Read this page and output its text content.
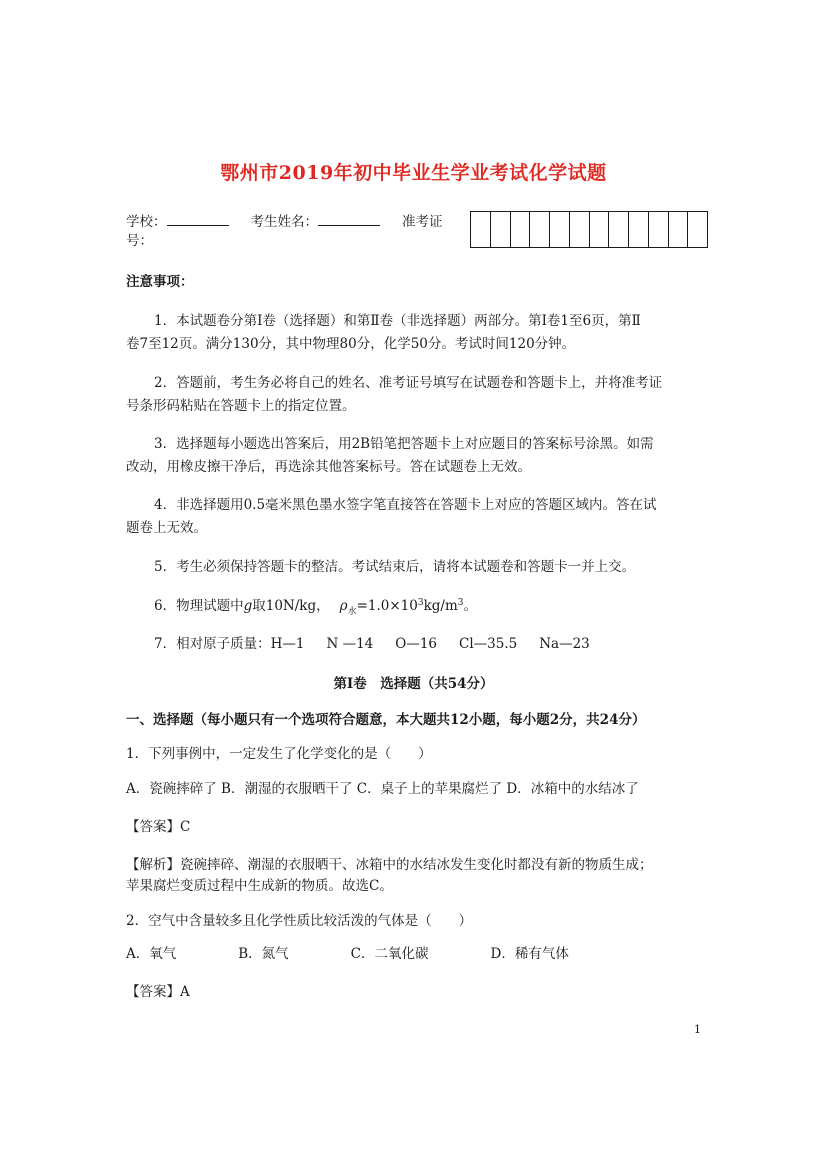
鄂州市2019年初中毕业生学业考试化学试题
学校：	考生姓名：	准考证
号：
注意事项：
1．本试题卷分第Ⅰ卷（选择题）和第Ⅱ卷（非选择题）两部分。第Ⅰ卷1至6页，第Ⅱ
卷7至12页。满分130分，其中物理80分，化学50分。考试时间120分钟。
2．答题前，考生务必将自己的姓名、准考证号填写在试题卷和答题卡上，并将准考证
号条形码粘贴在答题卡上的指定位置。
3．选择题每小题选出答案后，用2B铅笔把答题卡上对应题目的答案标号涂黑。如需
改动，用橡皮擦干净后，再选涂其他答案标号。答在试题卷上无效。
4．非选择题用0.5毫米黑色墨水签字笔直接答在答题卡上对应的答题区域内。答在试
题卷上无效。
5．考生必须保持答题卡的整洁。考试结束后，请将本试题卷和答题卡一并上交。
6．物理试题中g取10N/kg， $\rho_水=1.0\times 10^3kg/m^3$。
7．相对原子质量：H—1 N —14 O—16 Cl—35.5 Na—23
第Ⅰ卷　选择题（共54分）
一、选择题（每小题只有一个选项符合题意，本大题共12小题，每小题2分，共24分）
1．下列事例中，一定发生了化学变化的是（　　）
A．瓷碗摔碎了 B．潮湿的衣服晒干了 C．桌子上的苹果腐烂了 D．冰箱中的水结冰了
【答案】C
【解析】瓷碗摔碎、潮湿的衣服晒干、冰箱中的水结冰发生变化时都没有新的物质生成；
苹果腐烂变质过程中生成新的物质。故选C。
2．空气中含量较多且化学性质比较活泼的气体是（　　）
A．氧气	B．氮气	C．二氧化碳	D．稀有气体
【答案】A
1
